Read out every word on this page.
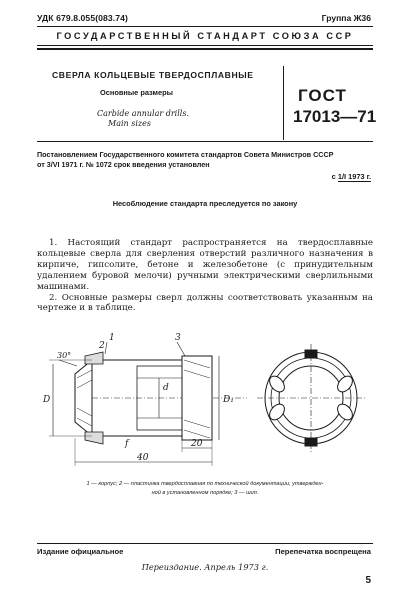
УДК 679.8.055(083.74)	Группа Ж36
ГОСУДАРСТВЕННЫЙ СТАНДАРТ СОЮЗА ССР
СВЕРЛА КОЛЬЦЕВЫЕ ТВЕРДОСПЛАВНЫЕ
Основные размеры
Carbide annular drills.
Main sizes
ГОСТ
17013—71
Постановлением Государственного комитета стандартов Совета Министров СССР
от 3/VI 1971 г. № 1072 срок введения установлен
с 1/I 1973 г.
Несоблюдение стандарта преследуется по закону

1. Настоящий стандарт распространяется на твердосплавные кольцевые сверла для сверления отверстий различного назначения в кирпиче, гипсолите, бетоне и железобетоне (с принудительным удалением буровой мелочи) ручными электрическими сверлильными машинами.

2. Основные размеры сверл должны соответствовать указанным на чертеже и в таблице.

1	3
2
30°
D	D₁
d
f	20
40
1 — корпус; 2 — пластинка твердосплавная по технической документации, утвержден-
ной в установленном порядке; 3 — шип.
Издание официальное	Перепечатка воспрещена
Переиздание. Апрель 1973 г.
5
